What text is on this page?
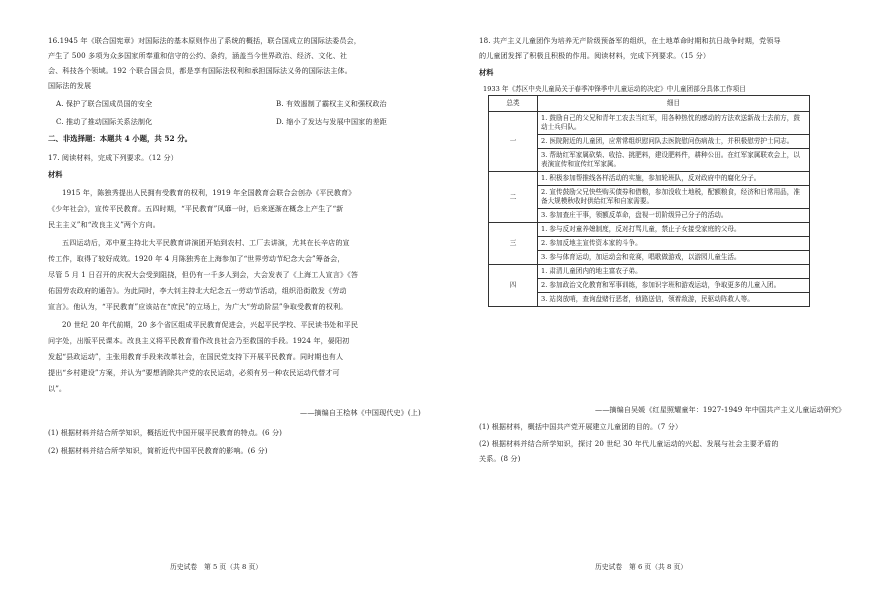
16.1945 年《联合国宪章》对国际法的基本原则作出了系统的概括，联合国成立的国际法委员会，
产生了 500 多项为众多国家所奉重和信守的公约、条约，涵盖当今世界政治、经济、文化、社
会、科技各个领域。192 个联合国会员，都是享有国际法权利和承担国际法义务的国际法主体。
国际法的发展
A. 保护了联合国成员国的安全	B. 有效遏制了霸权主义和强权政治
C. 推动了推动国际关系法制化	D. 缩小了发达与发展中国家的差距
二、非选择题：本题共 4 小题，共 52 分。
17. 阅读材料，完成下列要求。（12 分）
材料
1915 年，陈独秀提出人民拥有受教育的权利，1919 年全国教育会联合会创办《平民教育》
《少年社会》，宣传平民教育。五四时期，“平民教育”风靡一时，后来逐渐在概念上产生了“新
民主主义”和“改良主义”两个方向。
五四运动后，邓中夏主持北大平民教育讲演团开始到农村、工厂去讲演，尤其在长辛店的宣
传工作，取得了较好成效。1920 年 4 月陈独秀在上海参加了“世界劳动节纪念大会”筹备会，
尽管 5 月 1 日召开的庆祝大会受到阻挠，但仍有一千多人到会，大会发表了《上海工人宣言》《答
佑国劳农政府的通告》。为此同时，李大钊主持北大纪念五一劳动节活动，组织沿街散发《劳动
宣言》。他认为，“平民教育”应该站在“庶民”的立场上，为广大“劳动阶层”争取受教育的权利。
20 世纪 20 年代前期，20 多个省区组成平民教育促进会，兴起平民学校、平民读书处和平民
问字处，出版平民课本。改良主义将平民教育看作改良社会乃至救国的手段。1924 年，晏阳初
发起“县政运动”，主张用教育手段来改革社会，在国民党支持下开展平民教育。同时期也有人
提出“乡村建设”方案，并认为“要想消除共产党的农民运动，必须有另一种农民运动代替才可
以”。
——摘编自王桧林《中国现代史》(上)
(1) 根据材料并结合所学知识，概括近代中国开展平民教育的特点。(6 分)
(2) 根据材料并结合所学知识，简析近代中国平民教育的影响。(6 分)
历史试卷　第 5 页（共 8 页）
18. 共产主义儿童团作为培养无产阶级预备军的组织，在土地革命时期和抗日战争时期，党领导
的儿童团发挥了积极且积极的作用。阅读材料，完成下列要求。（15 分）
材料
1933 年《苏区中央儿童局关于春季冲锋季中儿童运动的决定》中儿童团部分具体工作项目
——摘编自吴媛《红星照耀童年：1927-1949 年中国共产主义儿童运动研究》
(1) 根据材料，概括中国共产党开展建立儿童团的目的。（7 分）
(2) 根据材料并结合所学知识，探讨 20 世纪 30 年代儿童运动的兴起、发展与社会主要矛盾的
关系。(8 分)
历史试卷　第 6 页（共 8 页）
总类	细目
一	1. 鼓励自己的父兄和青年工农去当红军，用各种热忱的感动的方法欢送新战士去前方，鼓动士兵归队。
	2. 医院附近的儿童团，应常常组织慰问队去医院慰问伤病战士，并积极慰劳护士同志。
	3. 帮助红军家属砍柴、收拾、挑肥料，建设肥料件，耕种公田。在红军家属联欢会上，以表演宣传和宣传红军家属。
二	1. 积极参加帮推线各样活动的实施，参加轮班队，反对政府中的腐化分子。
	2. 宣传鼓励父兄快些购买债券和借粮，参加没收土地税，配额粮食，经济和日常用品，准备大规模秋收时供给红军和自家需要。
	3. 参加查庄干事，领额反革命，盘视一切阶级异己分子的活动。
三	1. 参与反对童养媳制度，反对打骂儿童，禁止子女接受家庭的父母。
	2. 参加反地主宣传资本家的斗争。
	3. 参与体育运动，加运动会和竞赛，唱歌做游戏，以游园儿童生活。
四	1. 肃清儿童团内的地主富农子弟。
	2. 参加政治文化教育和军事训练，参加识字班和游戏运动，争取更多的儿童入团。
	3. 站岗放哨，查询盘赌行恶者，侦路送信，领着敌游，民驱动阵救人等。
